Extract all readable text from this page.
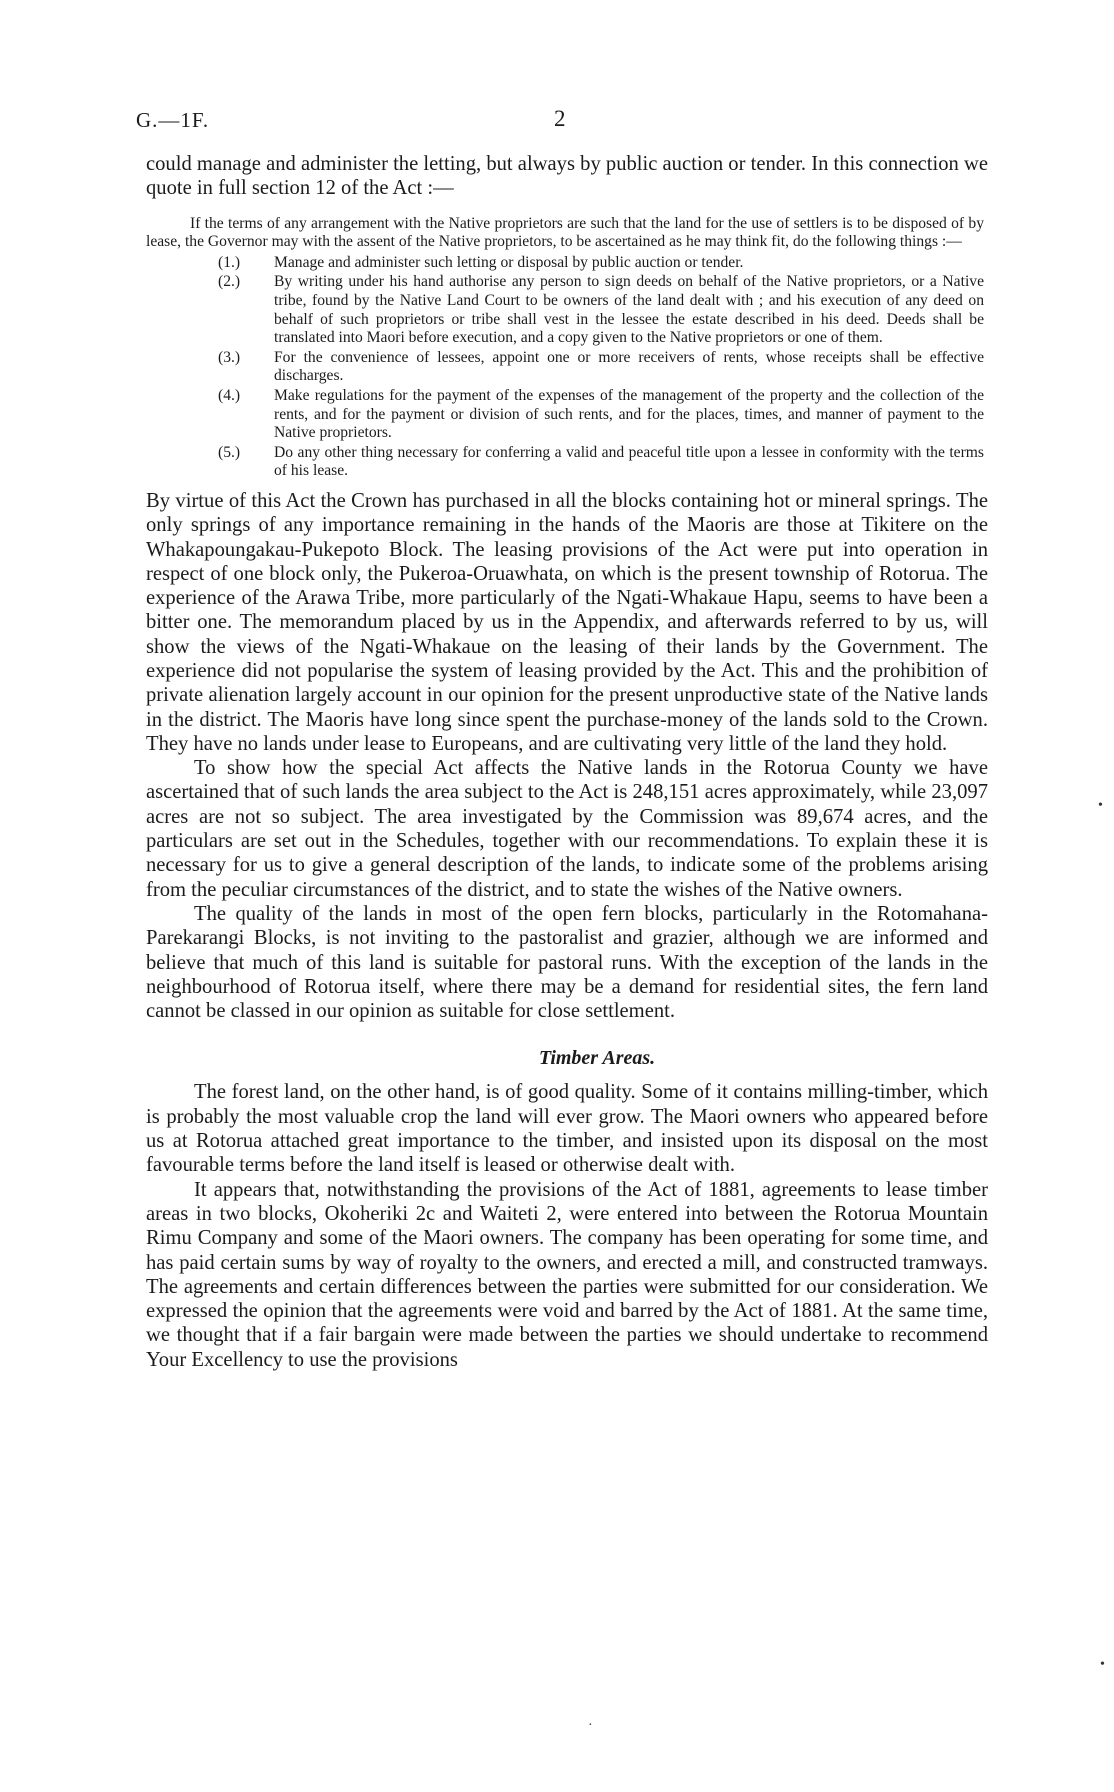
G.—1F.	2

could manage and administer the letting, but always by public auction or tender. In this connection we quote in full section 12 of the Act :—

If the terms of any arrangement with the Native proprietors are such that the land for the use of settlers is to be disposed of by lease, the Governor may with the assent of the Native proprietors, to be ascertained as he may think fit, do the following things :—

(1.) Manage and administer such letting or disposal by public auction or tender.
(2.) By writing under his hand authorise any person to sign deeds on behalf of the Native proprietors, or a Native tribe, found by the Native Land Court to be owners of the land dealt with ; and his execution of any deed on behalf of such proprietors or tribe shall vest in the lessee the estate described in his deed. Deeds shall be translated into Maori before execution, and a copy given to the Native proprietors or one of them.
(3.) For the convenience of lessees, appoint one or more receivers of rents, whose receipts shall be effective discharges.
(4.) Make regulations for the payment of the expenses of the management of the property and the collection of the rents, and for the payment or division of such rents, and for the places, times, and manner of payment to the Native proprietors.
(5.) Do any other thing necessary for conferring a valid and peaceful title upon a lessee in conformity with the terms of his lease.

By virtue of this Act the Crown has purchased in all the blocks containing hot or mineral springs. The only springs of any importance remaining in the hands of the Maoris are those at Tikitere on the Whakapoungakau-Pukepoto Block. The leasing provisions of the Act were put into operation in respect of one block only, the Pukeroa-Oruawhata, on which is the present township of Rotorua. The experience of the Arawa Tribe, more particularly of the Ngati-Whakaue Hapu, seems to have been a bitter one. The memorandum placed by us in the Appendix, and afterwards referred to by us, will show the views of the Ngati-Whakaue on the leasing of their lands by the Government. The experience did not popularise the system of leasing provided by the Act. This and the prohibition of private alienation largely account in our opinion for the present unproductive state of the Native lands in the district. The Maoris have long since spent the purchase-money of the lands sold to the Crown. They have no lands under lease to Europeans, and are cultivating very little of the land they hold.

To show how the special Act affects the Native lands in the Rotorua County we have ascertained that of such lands the area subject to the Act is 248,151 acres approximately, while 23,097 acres are not so subject. The area investigated by the Commission was 89,674 acres, and the particulars are set out in the Schedules, together with our recommendations. To explain these it is necessary for us to give a general description of the lands, to indicate some of the problems arising from the peculiar circumstances of the district, and to state the wishes of the Native owners.

The quality of the lands in most of the open fern blocks, particularly in the Rotomahana-Parekarangi Blocks, is not inviting to the pastoralist and grazier, although we are informed and believe that much of this land is suitable for pastoral runs. With the exception of the lands in the neighbourhood of Rotorua itself, where there may be a demand for residential sites, the fern land cannot be classed in our opinion as suitable for close settlement.

Timber Areas.

The forest land, on the other hand, is of good quality. Some of it contains milling-timber, which is probably the most valuable crop the land will ever grow. The Maori owners who appeared before us at Rotorua attached great importance to the timber, and insisted upon its disposal on the most favourable terms before the land itself is leased or otherwise dealt with.

It appears that, notwithstanding the provisions of the Act of 1881, agreements to lease timber areas in two blocks, Okoheriki 2c and Waiteti 2, were entered into between the Rotorua Mountain Rimu Company and some of the Maori owners. The company has been operating for some time, and has paid certain sums by way of royalty to the owners, and erected a mill, and constructed tramways. The agreements and certain differences between the parties were submitted for our consideration. We expressed the opinion that the agreements were void and barred by the Act of 1881. At the same time, we thought that if a fair bargain were made between the parties we should undertake to recommend Your Excellency to use the provisions

•
•
·
